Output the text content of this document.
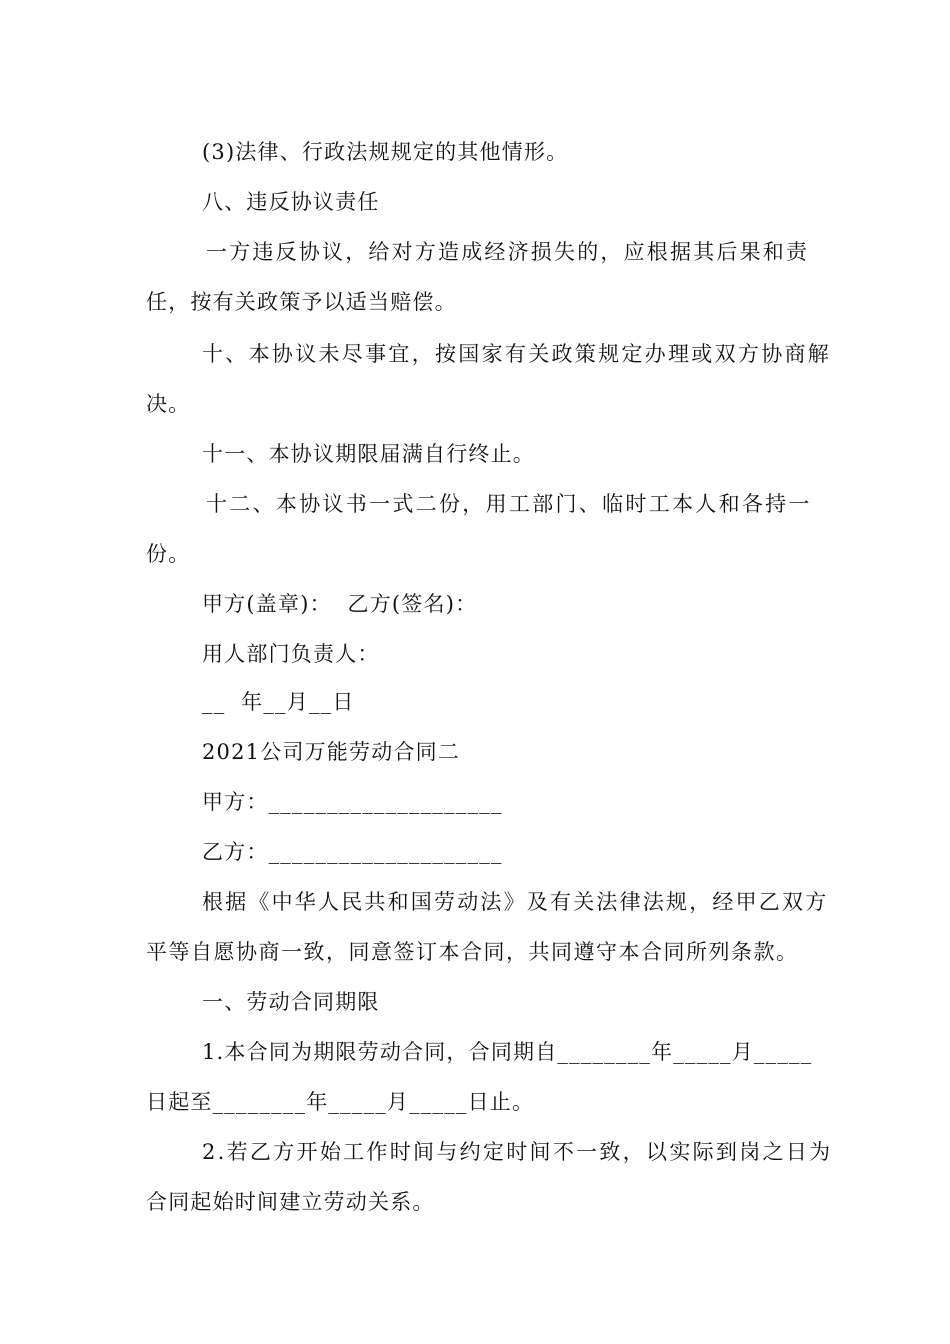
(3)法律、行政法规规定的其他情形。
八、违反协议责任
一方违反协议，给对方造成经济损失的，应根据其后果和责
任，按有关政策予以适当赔偿。
十、本协议未尽事宜，按国家有关政策规定办理或双方协商解
决。
十一、本协议期限届满自行终止。
十二、本协议书一式二份，用工部门、临时工本人和各持一
份。
甲方(盖章)：  乙方(签名)：
用人部门负责人：
__  年__月__日
2021公司万能劳动合同二
甲方：____________________
乙方：____________________
根据《中华人民共和国劳动法》及有关法律法规，经甲乙双方
平等自愿协商一致，同意签订本合同，共同遵守本合同所列条款。
一、劳动合同期限
1.本合同为期限劳动合同，合同期自________年_____月_____
日起至________年_____月_____日止。
2.若乙方开始工作时间与约定时间不一致，以实际到岗之日为
合同起始时间建立劳动关系。
